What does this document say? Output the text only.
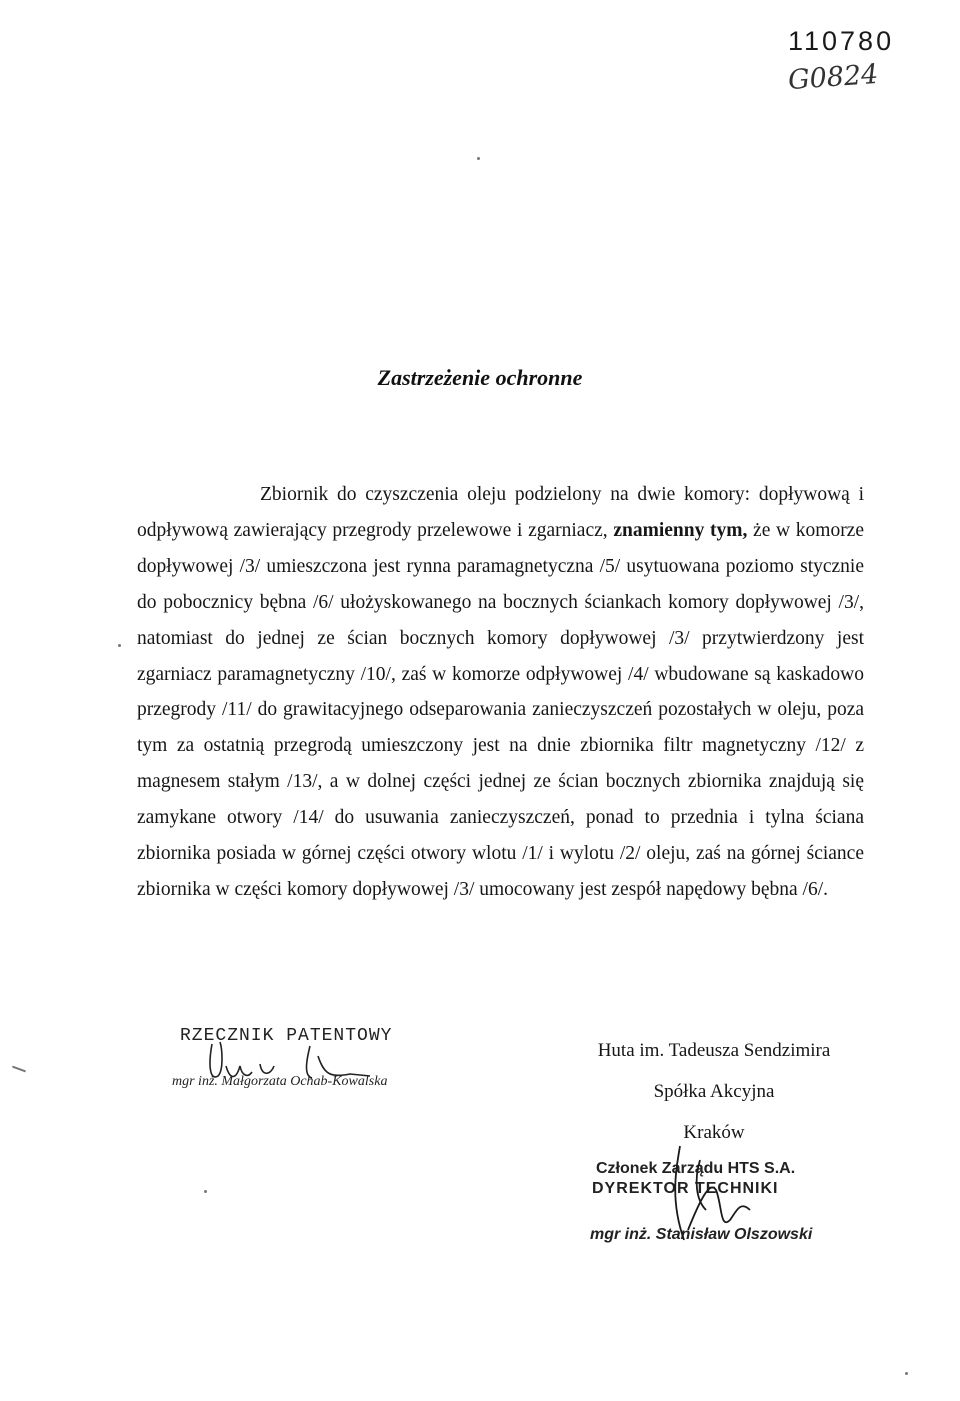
110780
G0824
Zastrzeżenie ochronne
Zbiornik do czyszczenia oleju podzielony na dwie komory: dopływową i odpływową zawierający przegrody przelewowe i zgarniacz, znamienny tym, że w komorze dopływowej /3/ umieszczona jest rynna paramagnetyczna /5/ usytuowana poziomo stycznie do pobocznicy bębna /6/ ułożyskowanego na bocznych ściankach komory dopływowej /3/, natomiast do jednej ze ścian bocznych komory dopływowej /3/ przytwierdzony jest zgarniacz paramagnetyczny /10/, zaś w komorze odpływowej /4/ wbudowane są kaskadowo przegrody /11/ do grawitacyjnego odseparowania zanieczyszczeń pozostałych w oleju, poza tym za ostatnią przegrodą umieszczony jest na dnie zbiornika filtr magnetyczny /12/ z magnesem stałym /13/, a w dolnej części jednej ze ścian bocznych zbiornika znajdują się zamykane otwory /14/ do usuwania zanieczyszczeń, ponad to przednia i tylna ściana zbiornika posiada w górnej części otwory wlotu /1/ i wylotu /2/ oleju, zaś na górnej ściance zbiornika w części komory dopływowej /3/ umocowany jest zespół napędowy bębna /6/.
RZECZNIK PATENTOWY
mgr inż. Małgorzata Ochab-Kowalska
Huta im. Tadeusza Sendzimira
Spółka Akcyjna
Kraków
Członek Zarządu HTS S.A.
DYREKTOR TECHNIKI
mgr inż. Stanisław Olszowski
